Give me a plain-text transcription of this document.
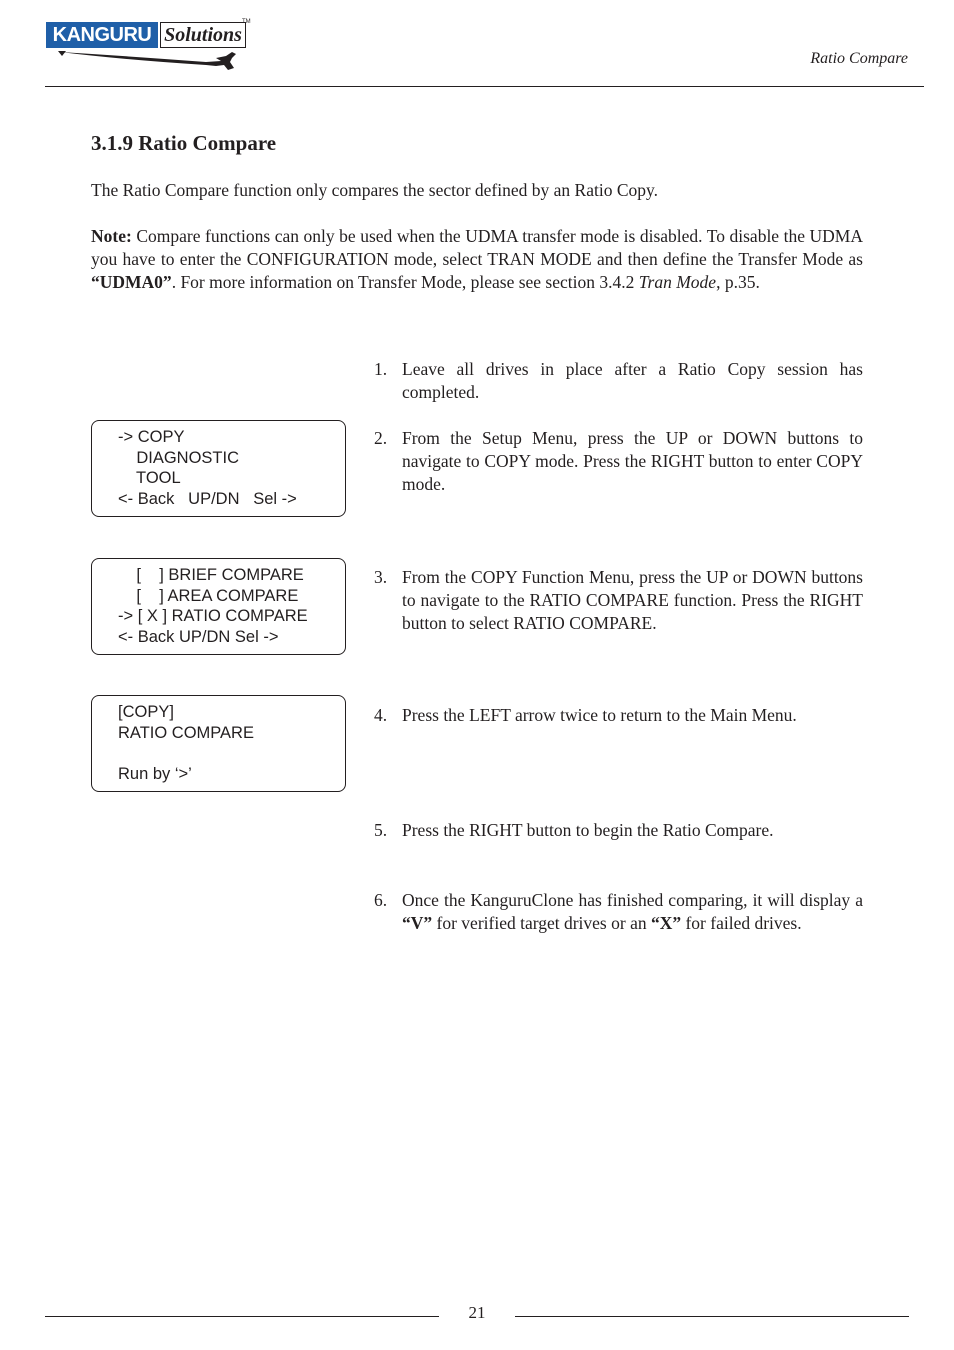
KANGURU Solutions
TM
Ratio Compare
3.1.9 Ratio Compare

The Ratio Compare function only compares the sector defined by an Ratio Copy.

Note: Compare functions can only be used when the UDMA transfer mode is disabled. To disable the UDMA you have to enter the CONFIGURATION mode, select TRAN MODE and then define the Transfer Mode as “UDMA0”. For more information on Transfer Mode, please see section 3.4.2 Tran Mode, p.35.

1. Leave all drives in place after a Ratio Copy session has completed.
2. From the Setup Menu, press the UP or DOWN buttons to navigate to COPY mode. Press the RIGHT button to enter COPY mode.
3. From the COPY Function Menu, press the UP or DOWN buttons to navigate to the RATIO COMPARE function. Press the RIGHT button to select RATIO COMPARE.
4. Press the LEFT arrow twice to return to the Main Menu.
5. Press the RIGHT button to begin the Ratio Compare.
6. Once the KanguruClone has finished comparing, it will display a “V” for verified target drives or an “X” for failed drives.
-> COPY
DIAGNOSTIC
TOOL
<- Back   UP/DN   Sel ->
[    ] BRIEF COMPARE
[    ] AREA COMPARE
-> [ X ] RATIO COMPARE
<- Back UP/DN Sel ->
[COPY]
RATIO COMPARE
Run by ‘>’
21
